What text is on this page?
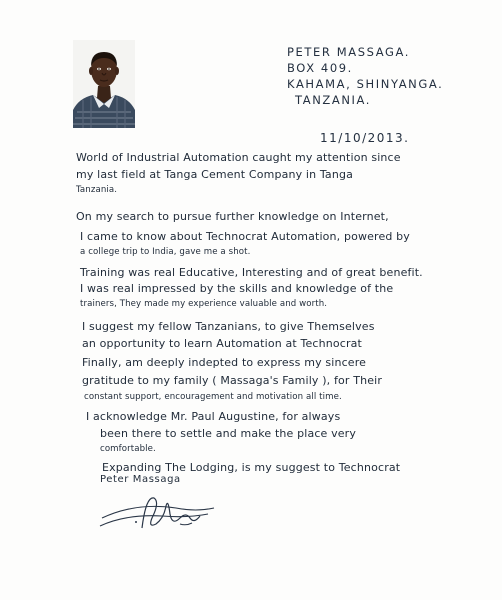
PETER MASSAGA.
BOX 409.
KAHAMA, SHINYANGA.
TANZANIA.
11/10/2013.
World of Industrial Automation caught my attention since
my last field at Tanga Cement Company in Tanga
Tanzania.
On my search to pursue further knowledge on Internet,
I came to know about Technocrat Automation, powered by
a college trip to India, gave me a shot.
Training was real Educative, Interesting and of great benefit.
I was real impressed by the skills and knowledge of the
trainers, They made my experience valuable and worth.
I suggest my fellow Tanzanians, to give Themselves
an opportunity to learn Automation at Technocrat
Finally, am deeply indepted to express my sincere
gratitude to my family ( Massaga's Family ), for Their
constant support, encouragement and motivation all time.
I acknowledge Mr. Paul Augustine, for always
been there to settle and make the place very
comfortable.
Expanding The Lodging, is my suggest to Technocrat
Peter Massaga
